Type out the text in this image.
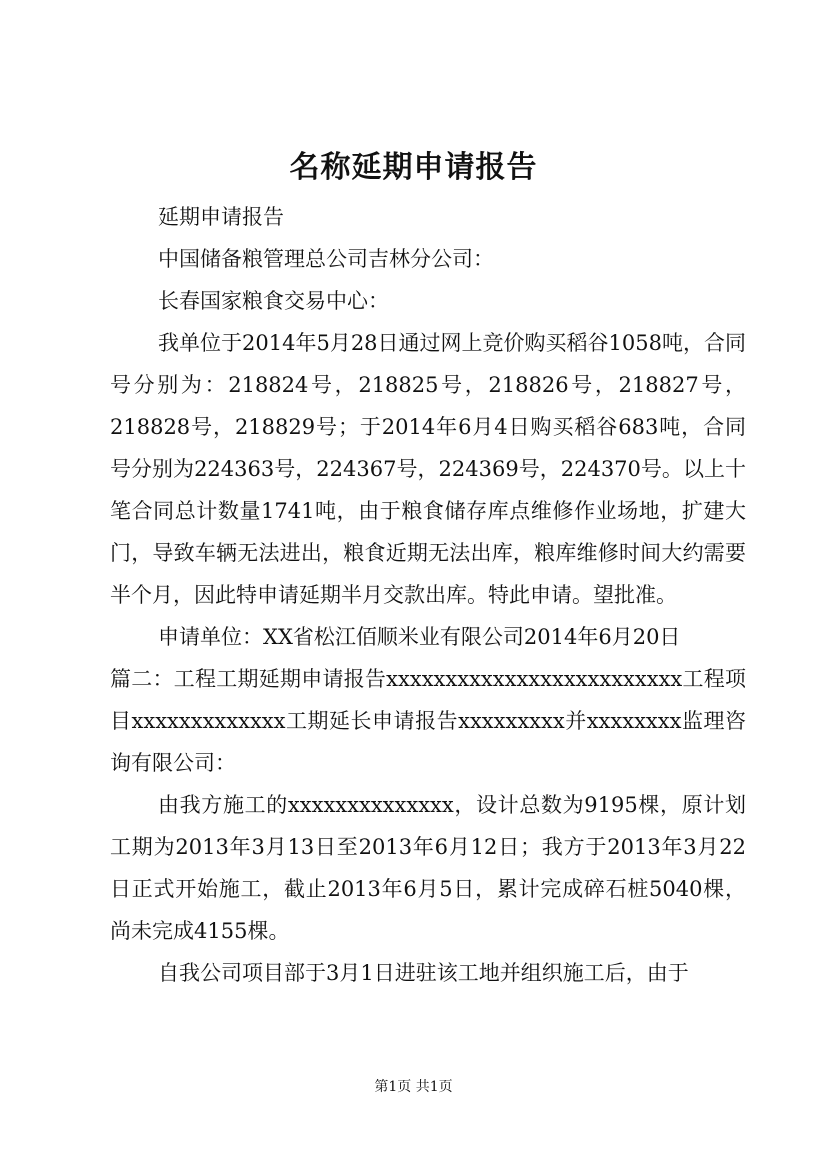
名称延期申请报告

延期申请报告

中国储备粮管理总公司吉林分公司：

长春国家粮食交易中心：

我单位于2014年5月28日通过网上竞价购买稻谷1058吨，合同号分别为：218824号，218825号，218826号，218827号，218828号，218829号；于2014年6月4日购买稻谷683吨，合同号分别为224363号，224367号，224369号，224370号。以上十笔合同总计数量1741吨，由于粮食储存库点维修作业场地，扩建大门，导致车辆无法进出，粮食近期无法出库，粮库维修时间大约需要半个月，因此特申请延期半月交款出库。特此申请。望批准。

申请单位：XX省松江佰顺米业有限公司2014年6月20日

篇二：工程工期延期申请报告xxxxxxxxxxxxxxxxxxxxxxxxx工程项目xxxxxxxxxxxxx工期延长申请报告xxxxxxxxx并xxxxxxxx监理咨询有限公司：

由我方施工的xxxxxxxxxxxxxx，设计总数为9195棵，原计划工期为2013年3月13日至2013年6月12日；我方于2013年3月22日正式开始施工，截止2013年6月5日，累计完成碎石桩5040棵，尚未完成4155棵。

自我公司项目部于3月1日进驻该工地并组织施工后，由于

第1页 共1页
